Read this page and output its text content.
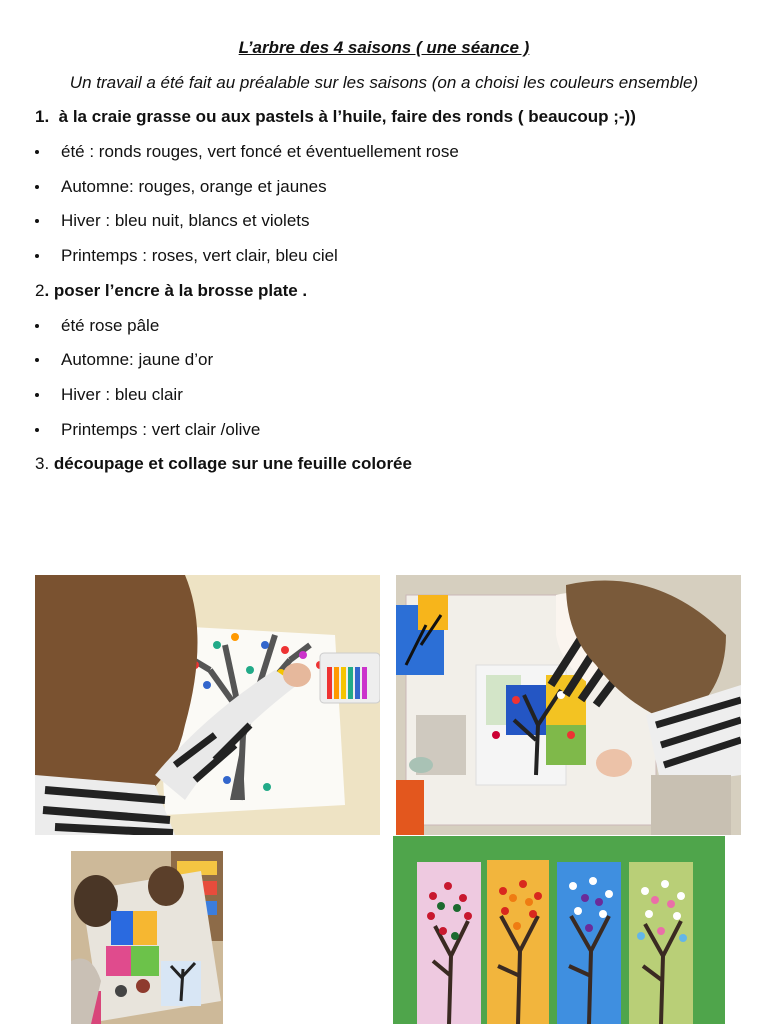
L’arbre des 4 saisons ( une séance )
Un travail a été fait au préalable sur les saisons (on a choisi les couleurs ensemble)
1. à la craie grasse ou aux pastels à l’huile, faire des ronds ( beaucoup ;-))
été : ronds rouges, vert foncé et éventuellement rose
Automne: rouges, orange et jaunes
Hiver : bleu nuit, blancs et violets
Printemps : roses, vert clair, bleu ciel
2. poser l’encre à la brosse plate .
été rose pâle
Automne: jaune d’or
Hiver : bleu clair
Printemps : vert clair /olive
3. découpage et collage sur une feuille colorée
